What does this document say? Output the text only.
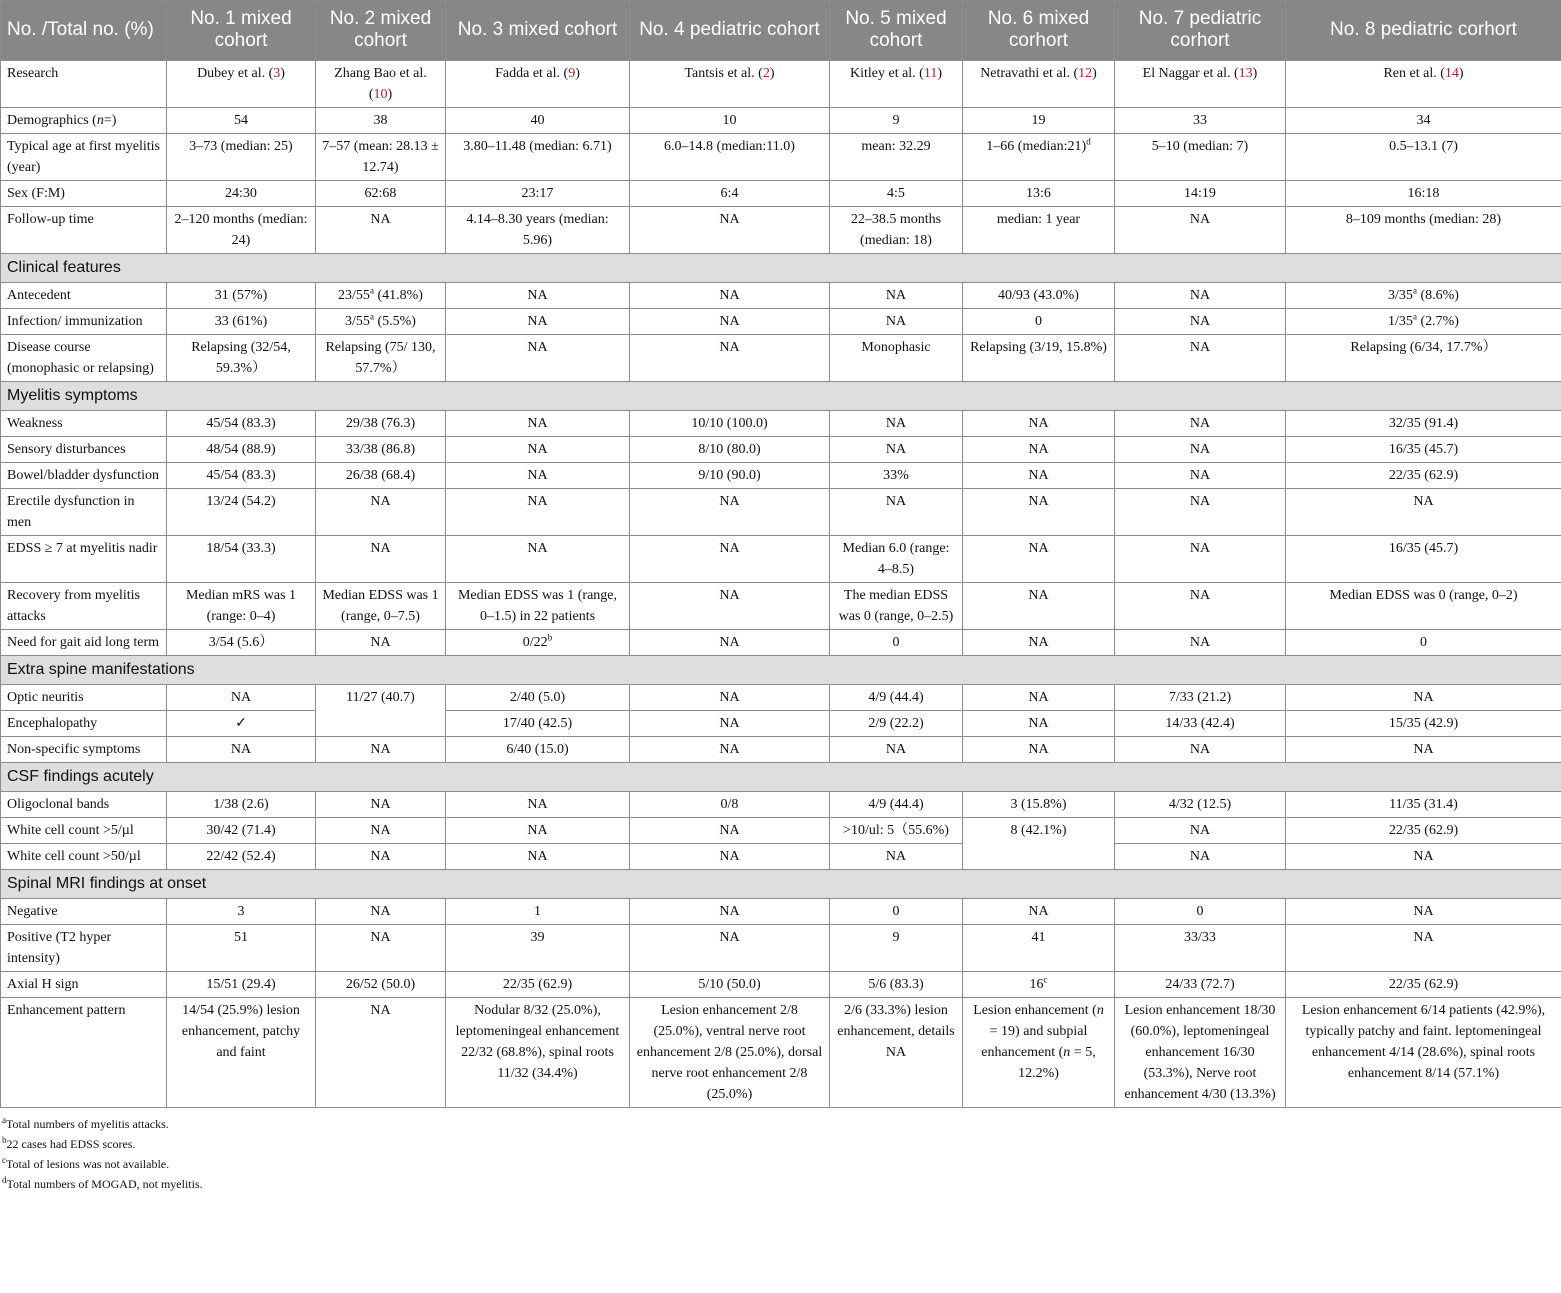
No. /Total no. (%)	No. 1 mixed cohort	No. 2 mixed cohort	No. 3 mixed cohort	No. 4 pediatric cohort	No. 5 mixed cohort	No. 6 mixed corhort	No. 7 pediatric corhort	No. 8 pediatric corhort
Research	Dubey et al. (3)	Zhang Bao et al. (10)	Fadda et al. (9)	Tantsis et al. (2)	Kitley et al. (11)	Netravathi et al. (12)	El Naggar et al. (13)	Ren et al. (14)
Demographics (n=)	54	38	40	10	9	19	33	34
Typical age at first myelitis (year)	3–73 (median: 25)	7–57 (mean: 28.13 ± 12.74)	3.80–11.48 (median: 6.71)	6.0–14.8 (median:11.0)	mean: 32.29	1–66 (median:21)$^d$	5–10 (median: 7)	0.5–13.1 (7)
Sex (F:M)	24:30	62:68	23:17	6:4	4:5	13:6	14:19	16:18
Follow-up time	2–120 months (median: 24)	NA	4.14–8.30 years (median: 5.96)	NA	22–38.5 months (median: 18)	median: 1 year	NA	8–109 months (median: 28)
Clinical features								
Antecedent	31 (57%)	23/55$^a$ (41.8%)	NA	NA	NA	40/93 (43.0%)	NA	3/35$^a$ (8.6%)
Infection/ immunization	33 (61%)	3/55$^a$ (5.5%)	NA	NA	NA	0	NA	1/35$^a$ (2.7%)
Disease course (monophasic or relapsing)	Relapsing (32/54, 59.3%）	Relapsing (75/ 130, 57.7%）	NA	NA	Monophasic	Relapsing (3/19, 15.8%)	NA	Relapsing (6/34, 17.7%）
Myelitis symptoms								
Weakness	45/54 (83.3)	29/38 (76.3)	NA	10/10 (100.0)	NA	NA	NA	32/35 (91.4)
Sensory disturbances	48/54 (88.9)	33/38 (86.8)	NA	8/10 (80.0)	NA	NA	NA	16/35 (45.7)
Bowel/bladder dysfunction	45/54 (83.3)	26/38 (68.4)	NA	9/10 (90.0)	33%	NA	NA	22/35 (62.9)
Erectile dysfunction in men	13/24 (54.2)	NA	NA	NA	NA	NA	NA	NA
EDSS ≥ 7 at myelitis nadir	18/54 (33.3)	NA	NA	NA	Median 6.0 (range: 4–8.5)	NA	NA	16/35 (45.7)
Recovery from myelitis attacks	Median mRS was 1 (range: 0–4)	Median EDSS was 1 (range, 0–7.5)	Median EDSS was 1 (range, 0–1.5) in 22 patients	NA	The median EDSS was 0 (range, 0–2.5)	NA	NA	Median EDSS was 0 (range, 0–2)
Need for gait aid long term	3/54 (5.6）	NA	0/22$^b$	NA	0	NA	NA	0
Extra spine manifestations								
Optic neuritis	NA	11/27 (40.7)	2/40 (5.0)	NA	4/9 (44.4)	NA	7/33 (21.2)	NA
Encephalopathy	✓		17/40 (42.5)	NA	2/9 (22.2)	NA	14/33 (42.4)	15/35 (42.9)
Non-specific symptoms	NA	NA	6/40 (15.0)	NA	NA	NA	NA	NA
CSF findings acutely								
Oligoclonal bands	1/38 (2.6)	NA	NA	0/8	4/9 (44.4)	3 (15.8%)	4/32 (12.5)	11/35 (31.4)
White cell count >5/µl	30/42 (71.4)	NA	NA	NA	>10/ul: 5（55.6%)	8 (42.1%)	NA	22/35 (62.9)
White cell count >50/µl	22/42 (52.4)	NA	NA	NA	NA		NA	NA
Spinal MRI findings at onset								
Negative	3	NA	1	NA	0	NA	0	NA
Positive (T2 hyper intensity)	51	NA	39	NA	9	41	33/33	NA
Axial H sign	15/51 (29.4)	26/52 (50.0)	22/35 (62.9)	5/10 (50.0)	5/6 (83.3)	16$^c$	24/33 (72.7)	22/35 (62.9)
Enhancement pattern	14/54 (25.9%) lesion enhancement, patchy and faint	NA	Nodular 8/32 (25.0%), leptomeningeal enhancement 22/32 (68.8%), spinal roots 11/32 (34.4%)	Lesion enhancement 2/8 (25.0%), ventral nerve root enhancement 2/8 (25.0%), dorsal nerve root enhancement 2/8 (25.0%)	2/6 (33.3%) lesion enhancement, details NA	Lesion enhancement (n = 19) and subpial enhancement (n = 5, 12.2%)	Lesion enhancement 18/30 (60.0%), leptomeningeal enhancement 16/30 (53.3%), Nerve root enhancement 4/30 (13.3%)	Lesion enhancement 6/14 patients (42.9%), typically patchy and faint. leptomeningeal enhancement 4/14 (28.6%), spinal roots enhancement 8/14 (57.1%)

$^a$Total numbers of myelitis attacks.

$^b$22 cases had EDSS scores.

$^c$Total of lesions was not available.

$^d$Total numbers of MOGAD, not myelitis.
